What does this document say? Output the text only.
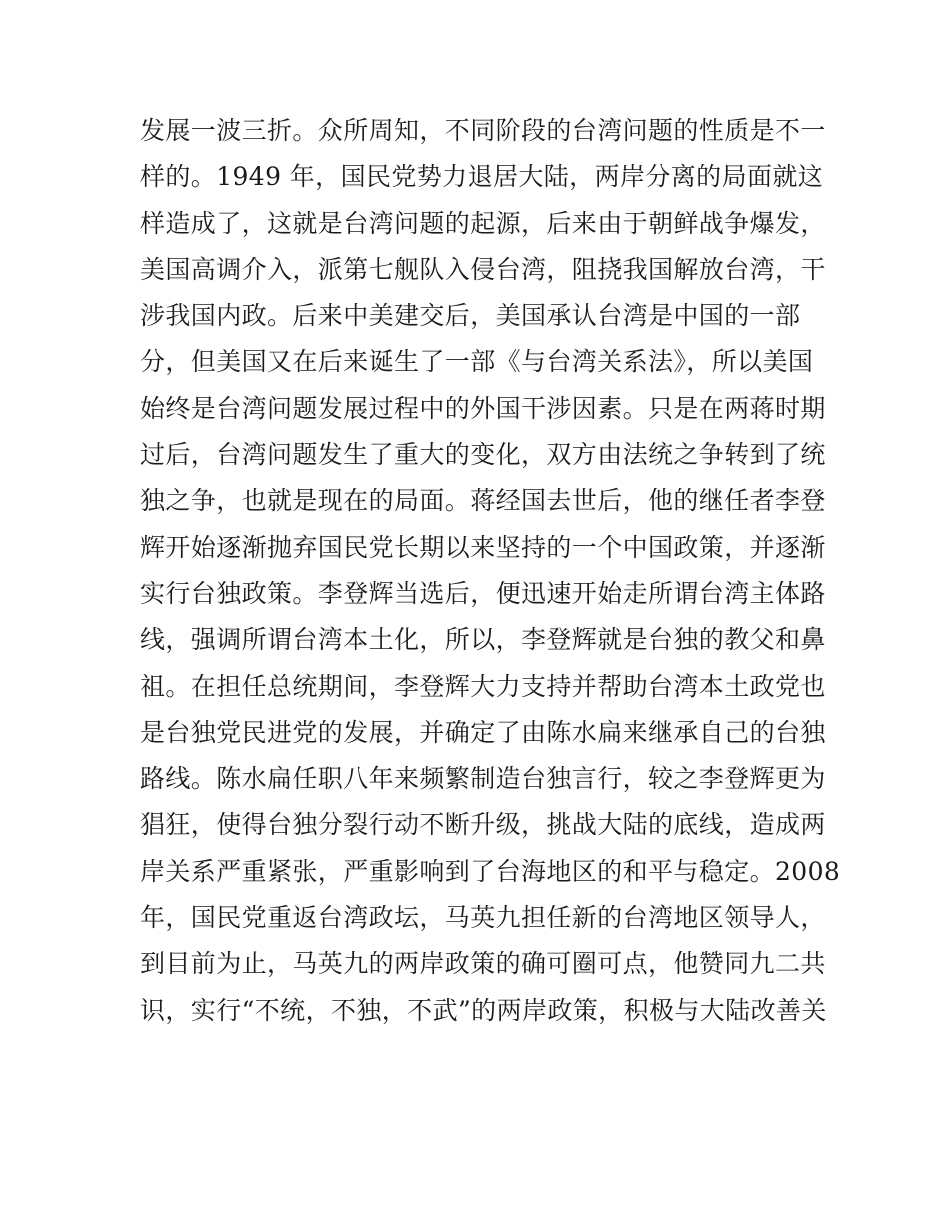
发展一波三折。众所周知，不同阶段的台湾问题的性质是不一
样的。1949 年，国民党势力退居大陆，两岸分离的局面就这
样造成了，这就是台湾问题的起源，后来由于朝鲜战争爆发，
美国高调介入，派第七舰队入侵台湾，阻挠我国解放台湾，干
涉我国内政。后来中美建交后，美国承认台湾是中国的一部
分，但美国又在后来诞生了一部《与台湾关系法》，所以美国
始终是台湾问题发展过程中的外国干涉因素。只是在两蒋时期
过后，台湾问题发生了重大的变化，双方由法统之争转到了统
独之争，也就是现在的局面。蒋经国去世后，他的继任者李登
辉开始逐渐抛弃国民党长期以来坚持的一个中国政策，并逐渐
实行台独政策。李登辉当选后，便迅速开始走所谓台湾主体路
线，强调所谓台湾本土化，所以，李登辉就是台独的教父和鼻
祖。在担任总统期间，李登辉大力支持并帮助台湾本土政党也
是台独党民进党的发展，并确定了由陈水扁来继承自己的台独
路线。陈水扁任职八年来频繁制造台独言行，较之李登辉更为
猖狂，使得台独分裂行动不断升级，挑战大陆的底线，造成两
岸关系严重紧张，严重影响到了台海地区的和平与稳定。2008
年，国民党重返台湾政坛，马英九担任新的台湾地区领导人，
到目前为止，马英九的两岸政策的确可圈可点，他赞同九二共
识，实行“不统，不独，不武”的两岸政策，积极与大陆改善关
